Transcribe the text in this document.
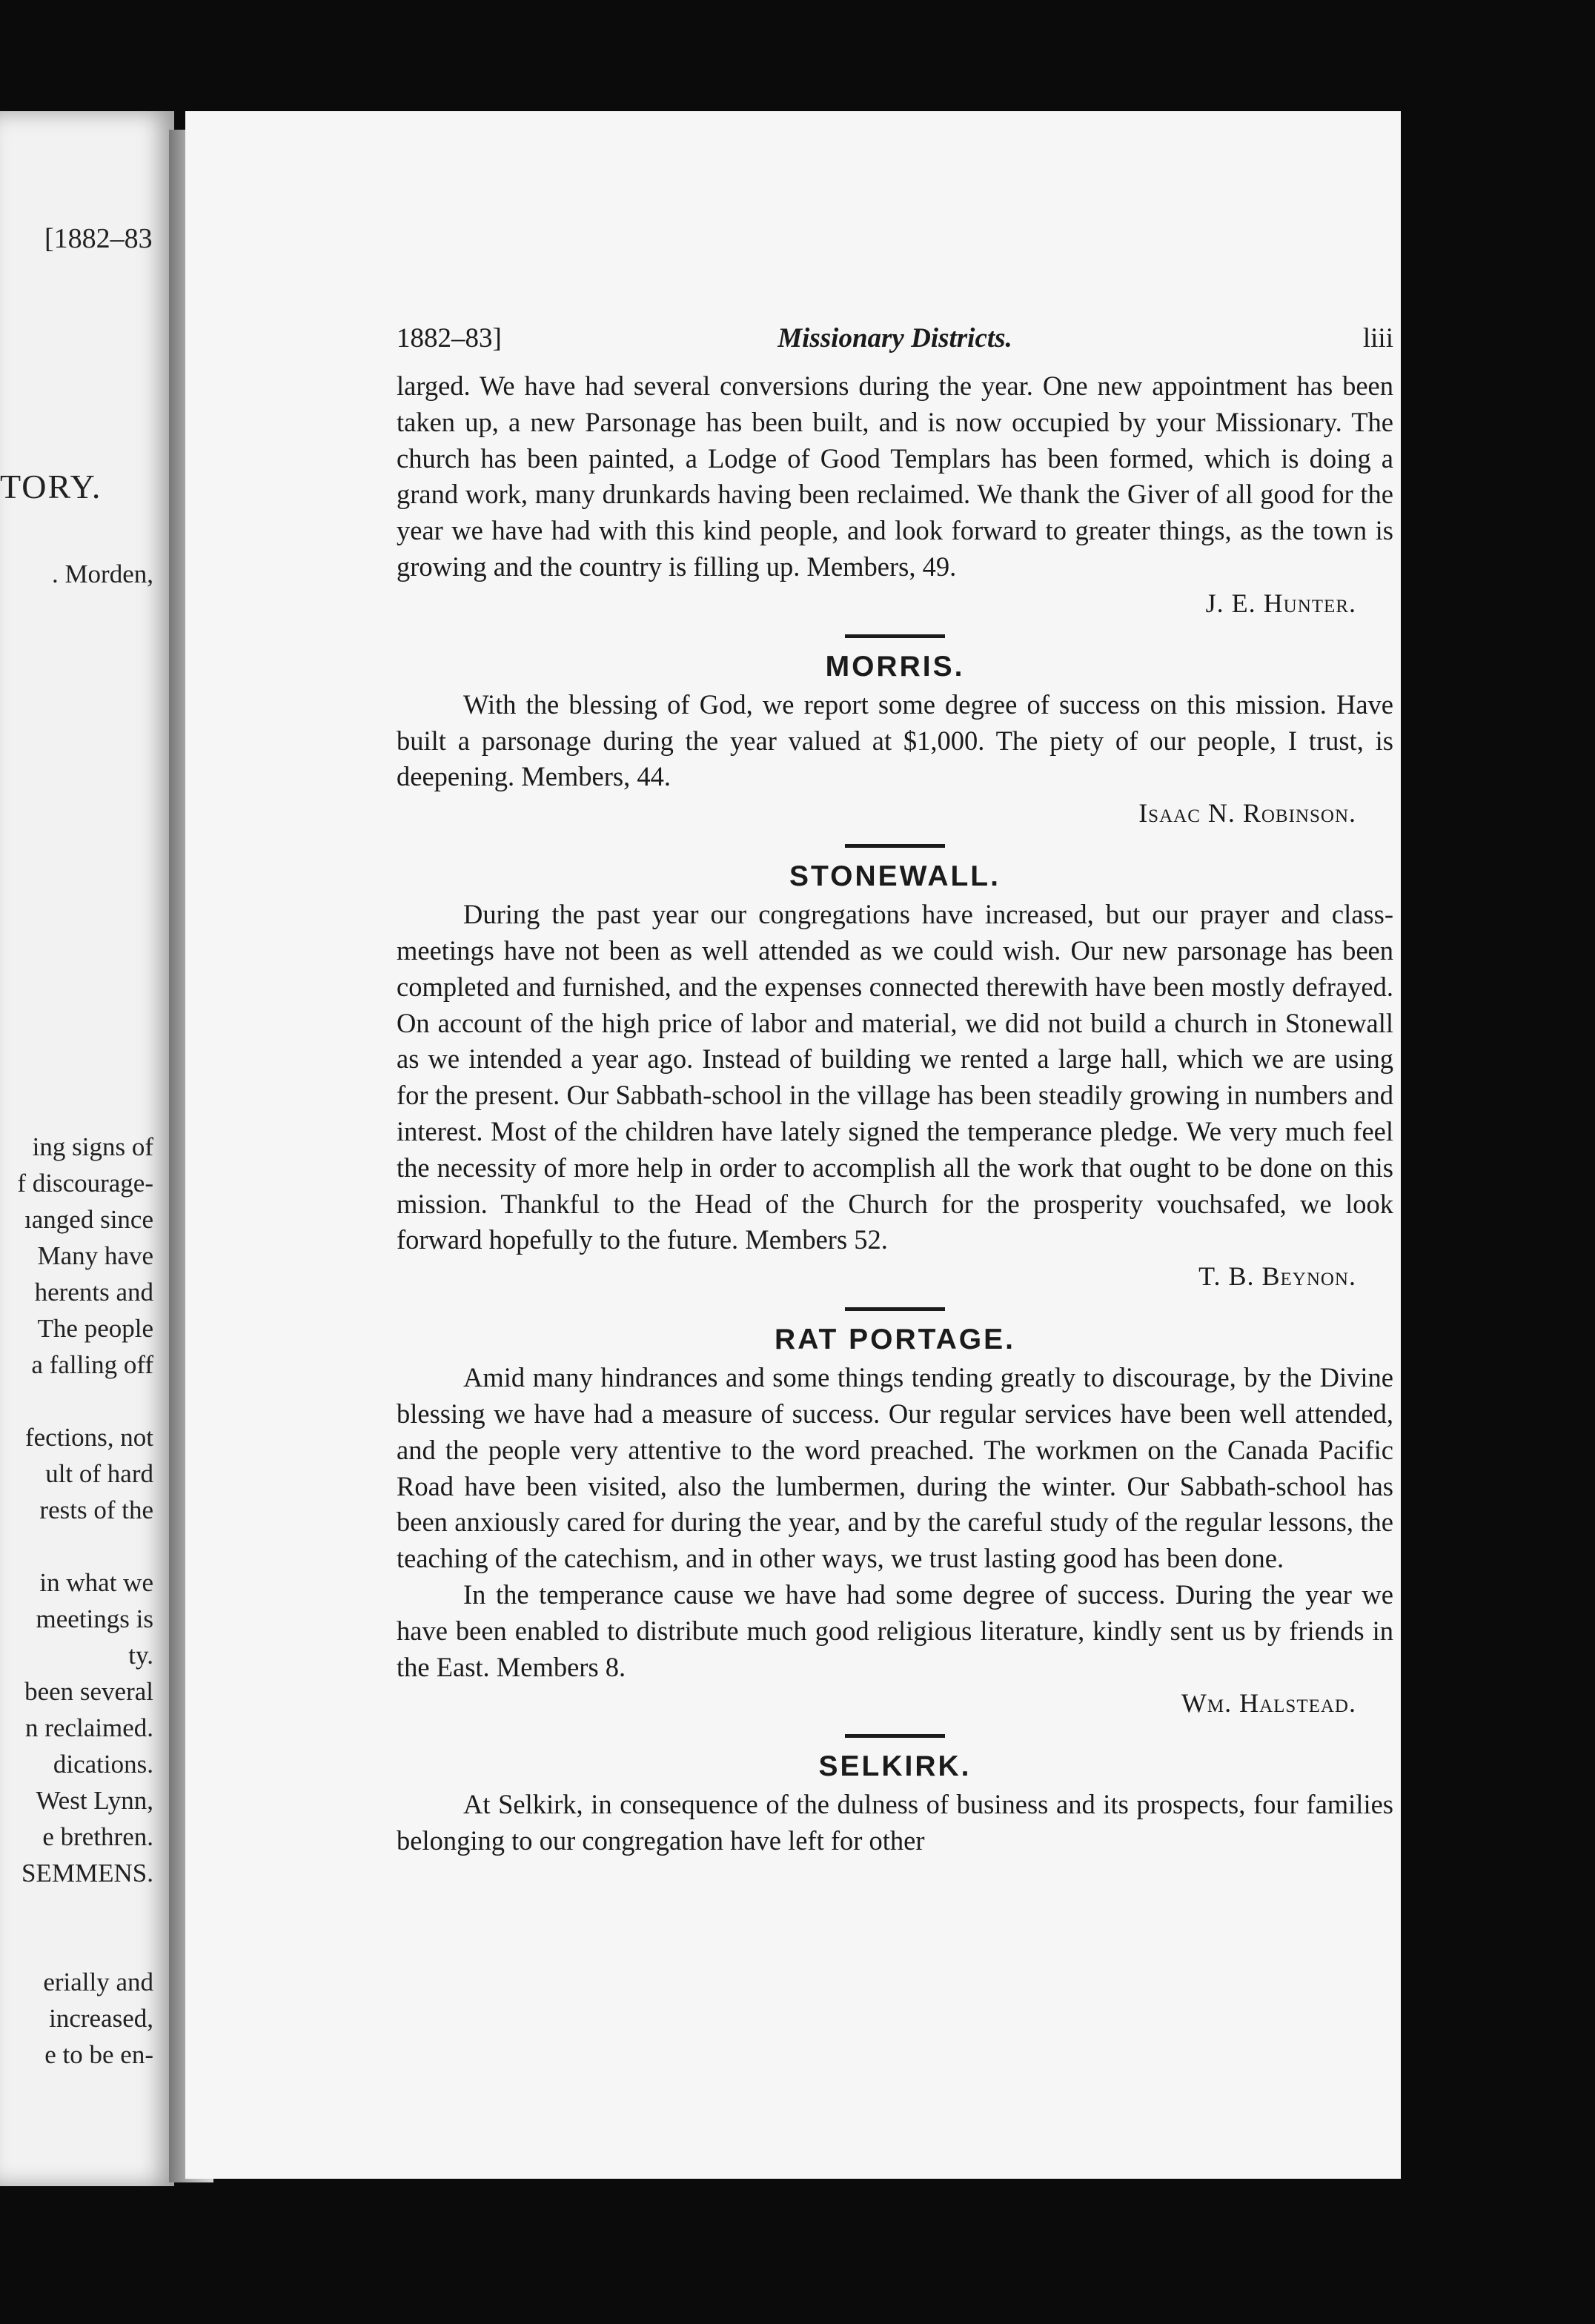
[1882–83
TORY.
. Morden,
ing signs of
f discourage-
ıanged since
Many have
herents and
The people
a falling off
fections, not
ult of hard
rests of the
in what we
meetings is
ty.
been several
n reclaimed.
dications.
West Lynn,
e brethren.
SEMMENS.
erially and
increased,
e to be en-
1882–83]	Missionary Districts.	liii

larged. We have had several conversions during the year. One new appointment has been taken up, a new Parsonage has been built, and is now occupied by your Missionary. The church has been painted, a Lodge of Good Templars has been formed, which is doing a grand work, many drunkards having been reclaimed. We thank the Giver of all good for the year we have had with this kind people, and look forward to greater things, as the town is growing and the country is filling up. Members, 49.

J. E. Hunter.

MORRIS.

With the blessing of God, we report some degree of success on this mission. Have built a parsonage during the year valued at $1,000. The piety of our people, I trust, is deepening. Members, 44.

Isaac N. Robinson.

STONEWALL.

During the past year our congregations have increased, but our prayer and class-meetings have not been as well attended as we could wish. Our new parsonage has been completed and furnished, and the expenses connected therewith have been mostly defrayed. On account of the high price of labor and material, we did not build a church in Stonewall as we intended a year ago. Instead of building we rented a large hall, which we are using for the present. Our Sabbath-school in the village has been steadily growing in numbers and interest. Most of the children have lately signed the temperance pledge. We very much feel the necessity of more help in order to accomplish all the work that ought to be done on this mission. Thankful to the Head of the Church for the prosperity vouchsafed, we look forward hopefully to the future. Members 52.

T. B. Beynon.

RAT PORTAGE.

Amid many hindrances and some things tending greatly to discourage, by the Divine blessing we have had a measure of success. Our regular services have been well attended, and the people very attentive to the word preached. The workmen on the Canada Pacific Road have been visited, also the lumbermen, during the winter. Our Sabbath-school has been anxiously cared for during the year, and by the careful study of the regular lessons, the teaching of the catechism, and in other ways, we trust lasting good has been done.

In the temperance cause we have had some degree of success. During the year we have been enabled to distribute much good religious literature, kindly sent us by friends in the East. Members 8.

Wm. Halstead.

SELKIRK.

At Selkirk, in consequence of the dulness of business and its prospects, four families belonging to our congregation have left for other
